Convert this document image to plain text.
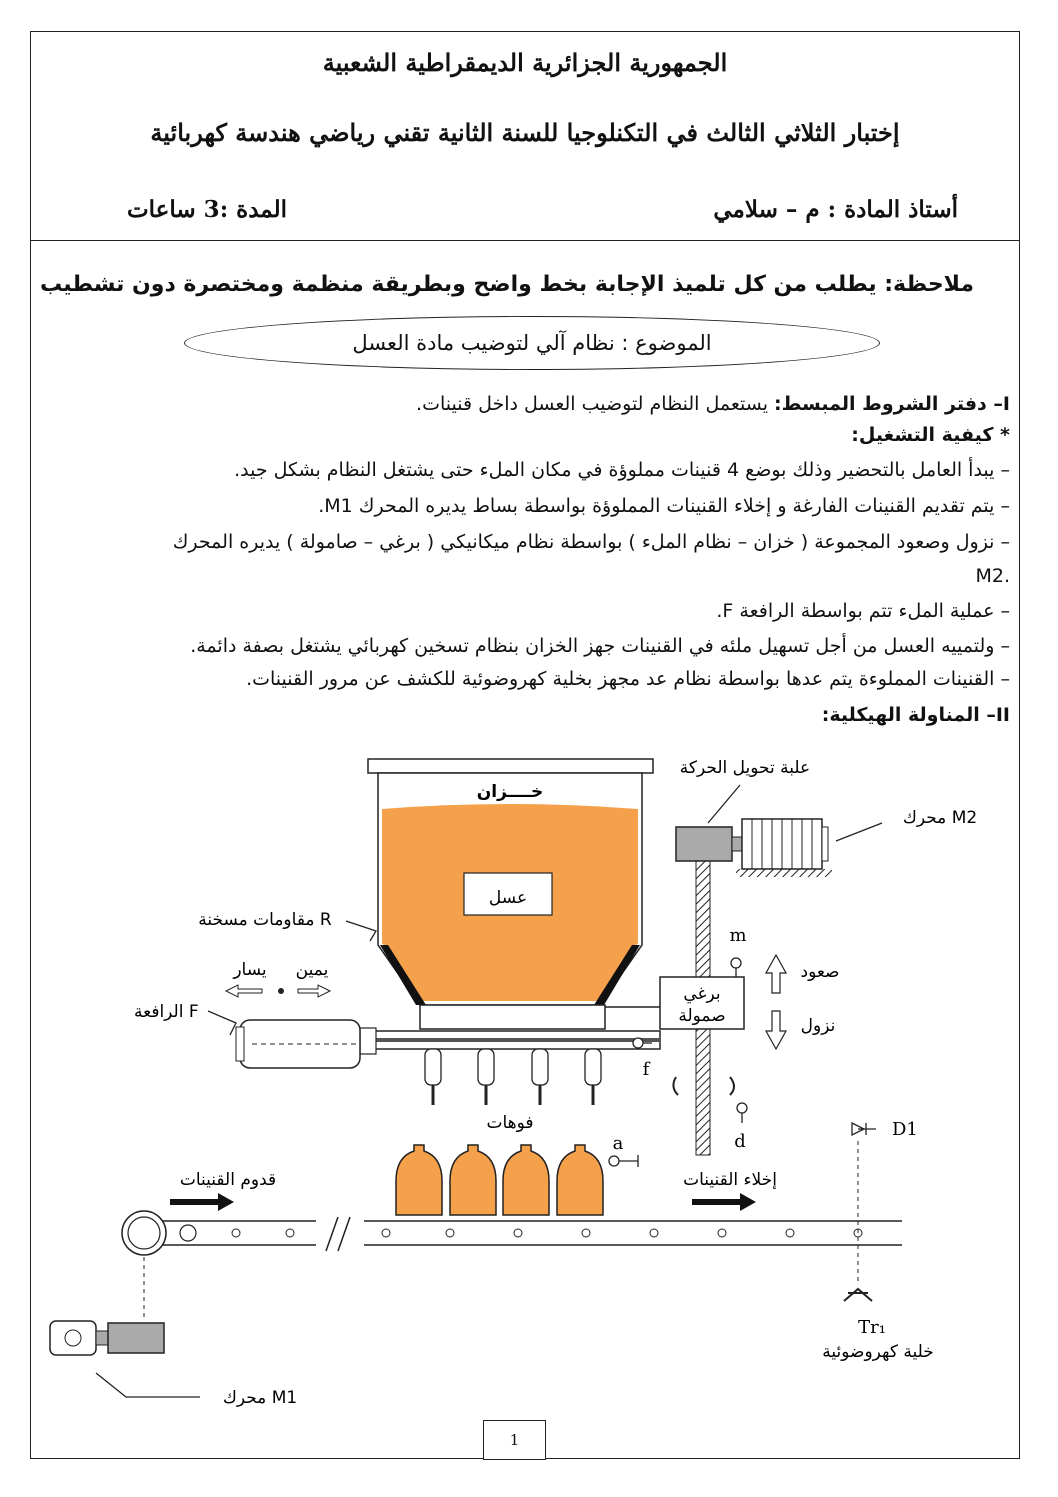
الجمهورية الجزائرية الديمقراطية الشعبية
إختبار الثلاثي الثالث في التكنلوجيا للسنة الثانية تقني رياضي هندسة كهربائية
أستاذ المادة : م – سلامي
المدة :3 ساعات
ملاحظة: يطلب من كل تلميذ الإجابة بخط واضح وبطريقة منظمة ومختصرة دون تشطيب
الموضوع : نظام آلي لتوضيب مادة العسل
I– دفتر الشروط المبسط: يستعمل النظام لتوضيب العسل داخل قنينات.
* كيفية التشغيل:
– يبدأ العامل بالتحضير وذلك بوضع 4 قنينات مملوؤة في مكان الملء حتى يشتغل النظام بشكل جيد.
– يتم تقديم القنينات الفارغة و إخلاء القنينات المملوؤة بواسطة بساط يديره المحرك M1.
– نزول وصعود المجموعة ( خزان – نظام الملء ) بواسطة نظام ميكانيكي ( برغي – صامولة ) يديره المحرك
M2.
– عملية الملء تتم بواسطة الرافعة F.
– ولتمييه العسل من أجل تسهيل ملئه في القنينات جهز الخزان بنظام تسخين كهربائي يشتغل بصفة دائمة.
– القنينات المملوءة يتم عدها بواسطة نظام عد مجهز بخلية كهروضوئية للكشف عن مرور القنينات.
II– المناولة الهيكلية:
خــــزان
عسل
فوهات
برغي
صمولة
علبة تحويل الحركة
محرك M2
صعود
نزول
m
f
d
مقاومات مسخنة R
الرافعة F
يسار يمين
a
قدوم القنينات	إخلاء القنينات
D1
Tr₁
خلية كهروضوئية
محرك M1
1
